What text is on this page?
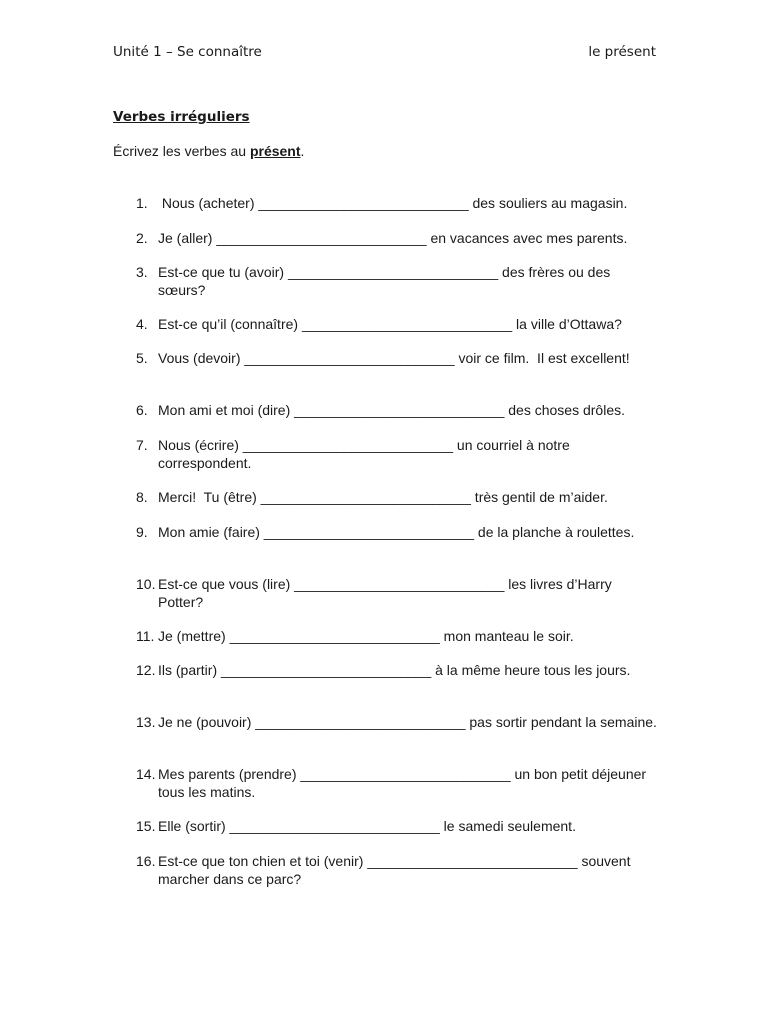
Unité 1 – Se connaître	le présent
Verbes irréguliers
Écrivez les verbes au présent.
1. Nous (acheter) ___________________________ des souliers au magasin.
2. Je (aller) ___________________________ en vacances avec mes parents.
3. Est-ce que tu (avoir) ___________________________ des frères ou des sœurs?
4. Est-ce qu’il (connaître) ___________________________ la ville d’Ottawa?
5. Vous (devoir) ___________________________ voir ce film.  Il est excellent!
6. Mon ami et moi (dire) ___________________________ des choses drôles.
7. Nous (écrire) ___________________________ un courriel à notre correspondent.
8. Merci!  Tu (être) ___________________________ très gentil de m’aider.
9. Mon amie (faire) ___________________________ de la planche à roulettes.
10. Est-ce que vous (lire) ___________________________ les livres d’Harry Potter?
11. Je (mettre) ___________________________ mon manteau le soir.
12. Ils (partir) ___________________________ à la même heure tous les jours.
13. Je ne (pouvoir) ___________________________ pas sortir pendant la semaine.
14. Mes parents (prendre) ___________________________ un bon petit déjeuner tous les matins.
15. Elle (sortir) ___________________________ le samedi seulement.
16. Est-ce que ton chien et toi (venir) ___________________________ souvent marcher dans ce parc?
